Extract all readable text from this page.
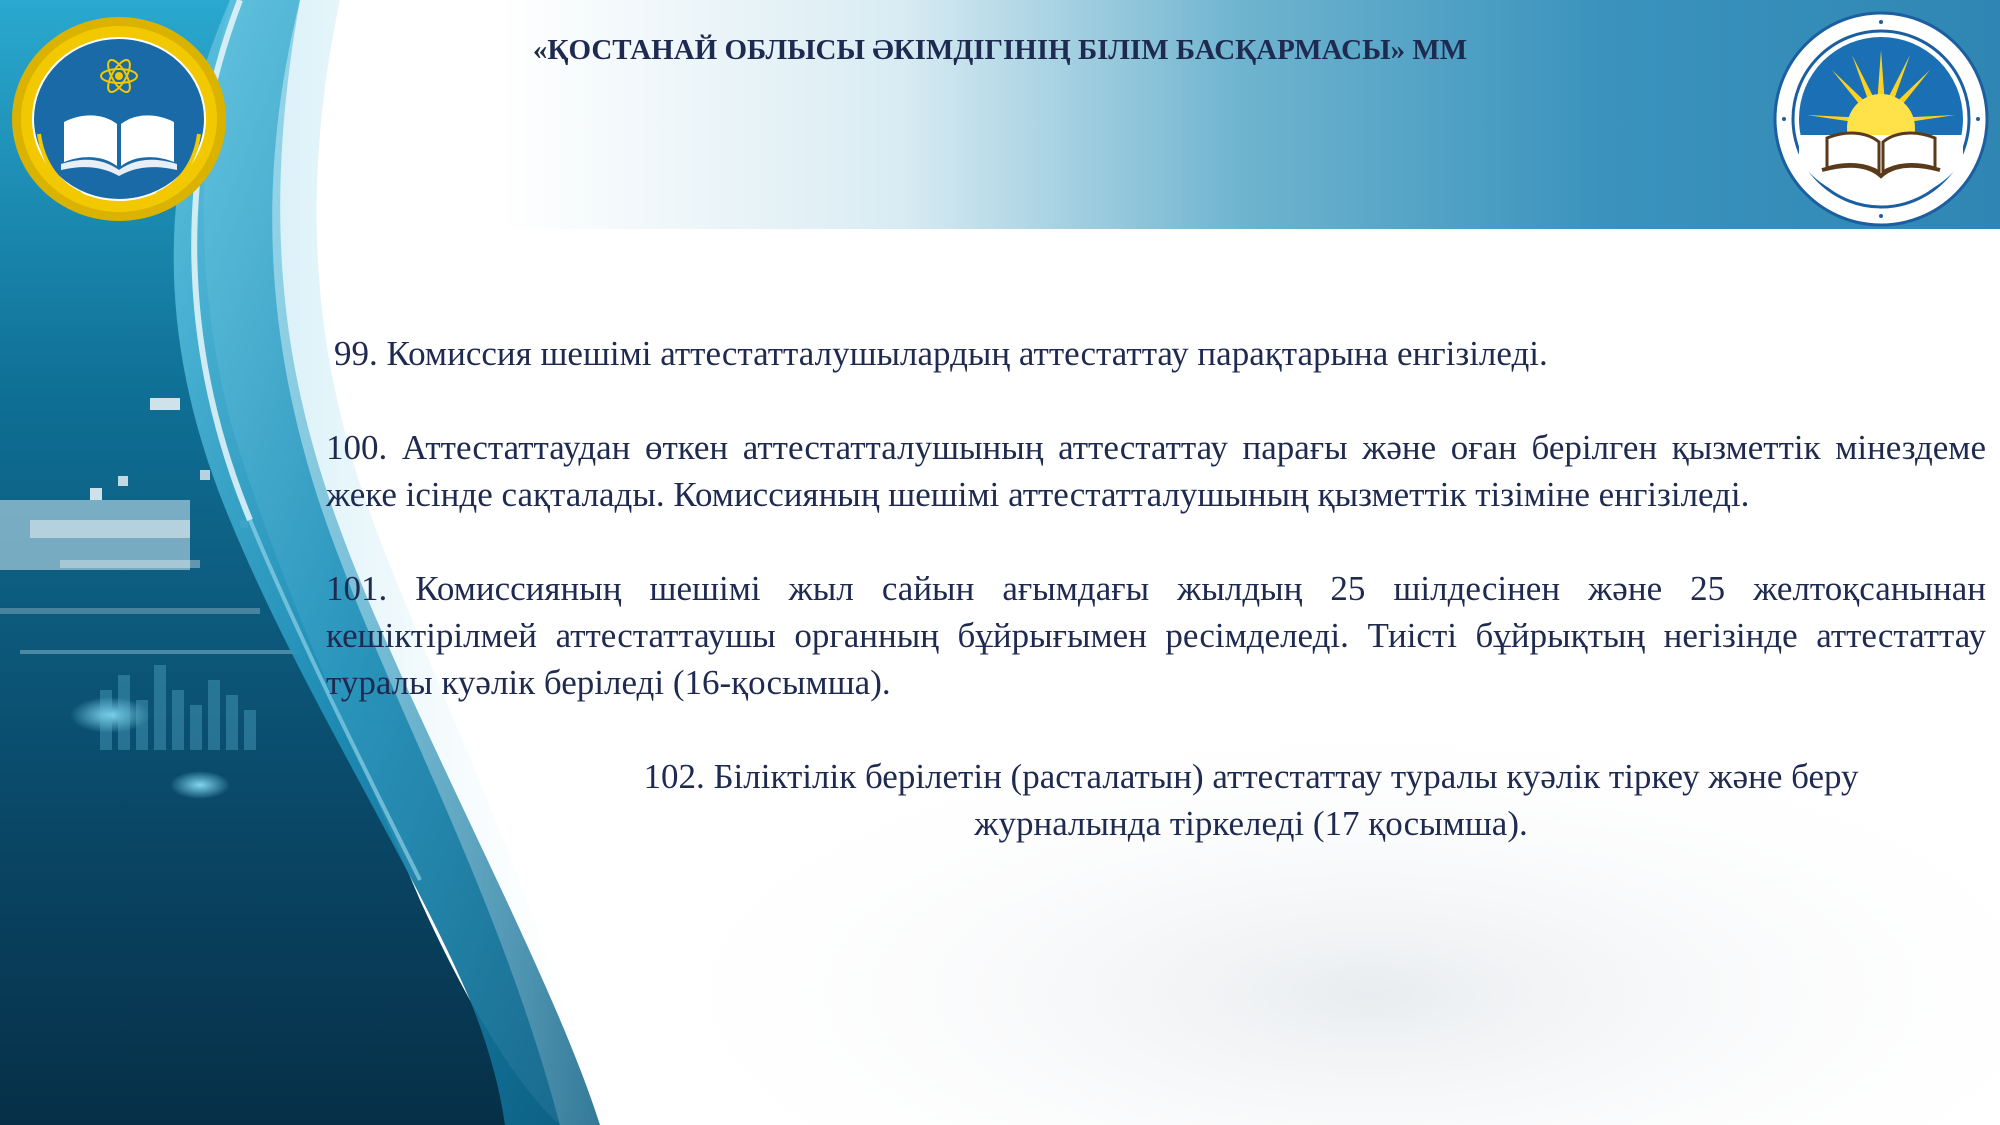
«ҚОСТАНАЙ ОБЛЫСЫ ӘКІМДІГІНІҢ БІЛІМ БАСҚАРМАСЫ» ММ

99. Комиссия шешімі аттестатталушылардың аттестаттау парақтарына енгізіледі.

100. Аттестаттаудан өткен аттестатталушының аттестаттау парағы және оған берілген қызметтік мінездеме жеке ісінде сақталады. Комиссияның шешімі аттестатталушының қызметтік тізіміне енгізіледі.

101. Комиссияның шешімі жыл сайын ағымдағы жылдың 25 шілдесінен және 25 желтоқсанынан кешіктірілмей аттестаттаушы органның бұйрығымен ресімделеді. Тиісті бұйрықтың негізінде аттестаттау туралы куәлік беріледі (16-қосымша).

102. Біліктілік берілетін (расталатын) аттестаттау туралы куәлік тіркеу және беру журналында тіркеледі (17 қосымша).
